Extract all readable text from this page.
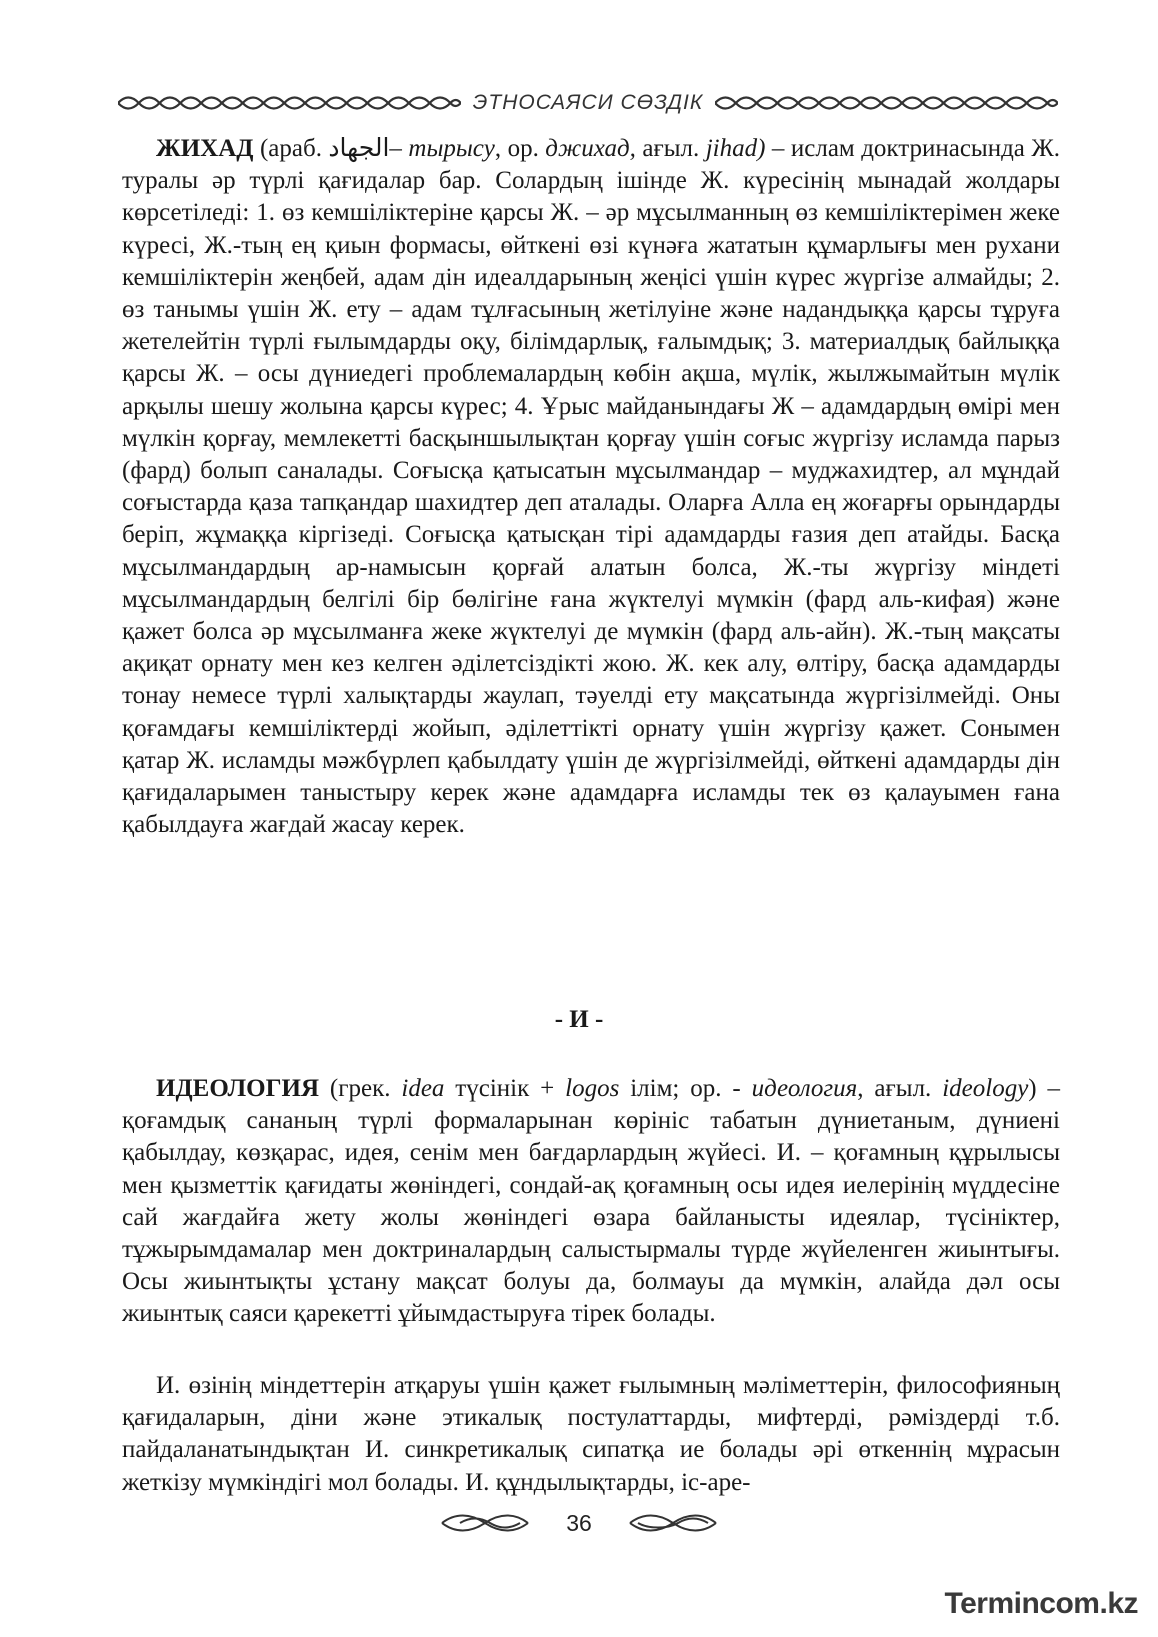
ЭТНОСАЯСИ СӨЗДІК

ЖИХАД (араб. الجهاد– тырысу, ор. джихад, ағыл. jihad) – ислам доктринасында Ж. туралы әр түрлі қағидалар бар. Солардың ішінде Ж. күресінің мынадай жолдары көрсетіледі: 1. өз кемшіліктеріне қарсы Ж. – әр мұсылманның өз кемшіліктерімен жеке күресі, Ж.-тың ең қиын формасы, өйткені өзі күнәға жататын құмарлығы мен рухани кемшіліктерін жеңбей, адам дін идеалдарының жеңісі үшін күрес жүргізе алмайды; 2. өз танымы үшін Ж. ету – адам тұлғасының жетілуіне және надандыққа қарсы тұруға жетелейтін түрлі ғылымдарды оқу, білімдарлық, ғалымдық; 3. материалдық байлыққа қарсы Ж. – осы дүниедегі проблемалардың көбін ақша, мүлік, жылжымайтын мүлік арқылы шешу жолына қарсы күрес; 4. Ұрыс майданындағы Ж – адамдардың өмірі мен мүлкін қорғау, мемлекетті басқыншылықтан қорғау үшін соғыс жүргізу исламда парыз (фард) болып саналады. Соғысқа қатысатын мұсылмандар – муджахидтер, ал мұндай соғыстарда қаза тапқандар шахидтер деп аталады. Оларға Алла ең жоғарғы орындарды беріп, жұмаққа кіргізеді. Соғысқа қатысқан тірі адамдарды ғазия деп атайды. Басқа мұсылмандардың ар-намысын қорғай алатын болса, Ж.-ты жүргізу міндеті мұсылмандардың белгілі бір бөлігіне ғана жүктелуі мүмкін (фард аль-кифая) және қажет болса әр мұсылманға жеке жүктелуі де мүмкін (фард аль-айн). Ж.-тың мақсаты ақиқат орнату мен кез келген әділетсіздікті жою. Ж. кек алу, өлтіру, басқа адамдарды тонау немесе түрлі халықтарды жаулап, тәуелді ету мақсатында жүргізілмейді. Оны қоғамдағы кемшіліктерді жойып, әділеттікті орнату үшін жүргізу қажет. Сонымен қатар Ж. исламды мәжбүрлеп қабылдату үшін де жүргізілмейді, өйткені адамдарды дін қағидаларымен таныстыру керек және адамдарға исламды тек өз қалауымен ғана қабылдауға жағдай жасау керек.

- И -

ИДЕОЛОГИЯ (грек. idea түсінік + logos ілім; ор. - идеология, ағыл. ideology) – қоғамдық сананың түрлі формаларынан көрініс табатын дүниетаным, дүниені қабылдау, көзқарас, идея, сенім мен бағдарлардың жүйесі. И. – қоғамның құрылысы мен қызметтік қағидаты жөніндегі, сондай-ақ қоғамның осы идея иелерінің мүддесіне сай жағдайға жету жолы жөніндегі өзара байланысты идеялар, түсініктер, тұжырымдамалар мен доктриналардың салыстырмалы түрде жүйеленген жиынтығы. Осы жиынтықты ұстану мақсат болуы да, болмауы да мүмкін, алайда дәл осы жиынтық саяси қарекетті ұйымдастыруға тірек болады.

И. өзінің міндеттерін атқаруы үшін қажет ғылымның мәліметтерін, философияның қағидаларын, діни және этикалық постулаттарды, мифтерді, рәміздерді т.б. пайдаланатындықтан И. синкретикалық сипатқа ие болады әрі өткеннің мұрасын жеткізу мүмкіндігі мол болады. И. құндылықтарды, іс-аре-

36
Termincom.kz
